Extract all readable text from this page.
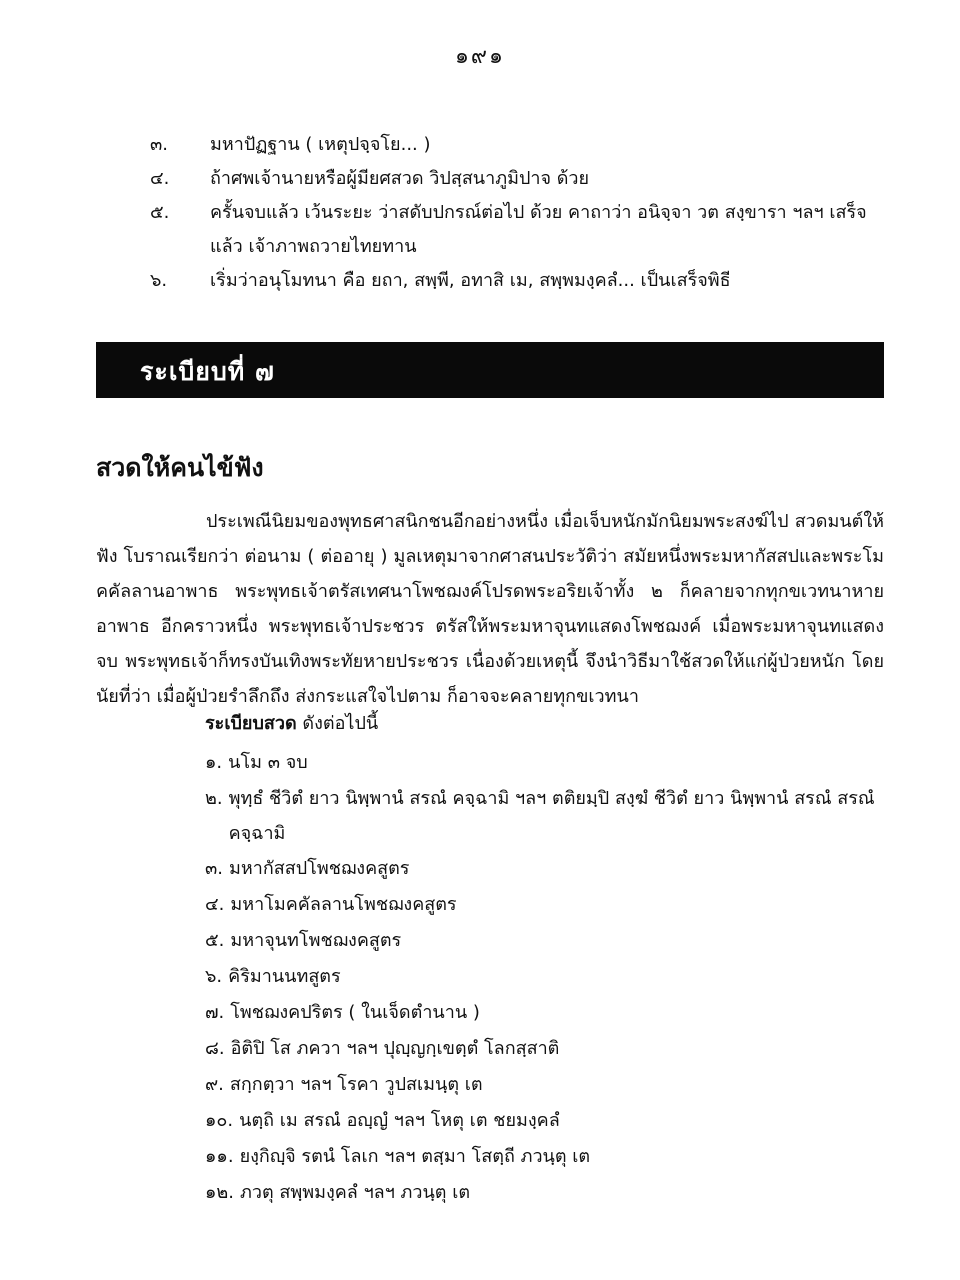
๑๙๑
๓.	มหาปัฏฐาน ( เหตุปจฺจโย... )
๔.	ถ้าศพเจ้านายหรือผู้มียศสวด วิปสฺสนาภูมิปาจ ด้วย
๕.	ครั้นจบแล้ว เว้นระยะ ว่าสดับปกรณ์ต่อไป ด้วย คาถาว่า อนิจฺจา วต สงฺขารา ฯลฯ เสร็จแล้ว เจ้าภาพถวายไทยทาน
๖.	เริ่มว่าอนุโมทนา คือ ยถา, สพฺพี, อทาสิ เม, สพฺพมงฺคลํ... เป็นเสร็จพิธี
ระเบียบที่ ๗
สวดให้คนไข้ฟัง

ประเพณีนิยมของพุทธศาสนิกชนอีกอย่างหนึ่ง เมื่อเจ็บหนักมักนิยมพระสงฆ์ไป สวดมนต์ให้ฟัง โบราณเรียกว่า ต่อนาม ( ต่ออายุ ) มูลเหตุมาจากศาสนประวัติว่า สมัยหนึ่งพระมหากัสสปและพระโมคคัลลานอาพาธ พระพุทธเจ้าตรัสเทศนาโพชฌงค์โปรดพระอริยเจ้าทั้ง ๒ ก็คลายจากทุกขเวทนาหายอาพาธ อีกคราวหนึ่ง พระพุทธเจ้าประชวร ตรัสให้พระมหาจุนทแสดงโพชฌงค์ เมื่อพระมหาจุนทแสดงจบ พระพุทธเจ้าก็ทรงบันเทิงพระทัยหายประชวร เนื่องด้วยเหตุนี้ จึงนำวิธีมาใช้สวดให้แก่ผู้ป่วยหนัก โดยนัยที่ว่า เมื่อผู้ป่วยรำลึกถึง ส่งกระแสใจไปตาม ก็อาจจะคลายทุกขเวทนา

ระเบียบสวด ดังต่อไปนี้
๑. นโม ๓ จบ
๒. พุทฺธํ ชีวิตํ ยาว นิพฺพานํ สรณํ คจฺฉามิ ฯลฯ ตติยมฺปิ สงฺฆํ ชีวิตํ ยาว นิพฺพานํ สรณํ สรณํ คจฺฉามิ
๓. มหากัสสปโพชฌงคสูตร
๔. มหาโมคคัลลานโพชฌงคสูตร
๕. มหาจุนทโพชฌงคสูตร
๖. คิริมานนทสูตร
๗. โพชฌงคปริตร ( ในเจ็ดตำนาน )
๘. อิติปิ โส ภควา ฯลฯ ปุญฺญกฺเขตฺตํ โลกสฺสาติ
๙. สกฺกตฺวา ฯลฯ โรคา วูปสเมนฺตุ เต
๑๐. นตฺถิ เม สรณํ อญฺญํ ฯลฯ โหตุ เต ชยมงฺคลํ
๑๑. ยงฺกิญฺจิ รตนํ โลเก ฯลฯ ตสฺมา โสตฺถี ภวนฺตุ เต
๑๒. ภวตุ สพฺพมงฺคลํ ฯลฯ ภวนฺตุ เต
